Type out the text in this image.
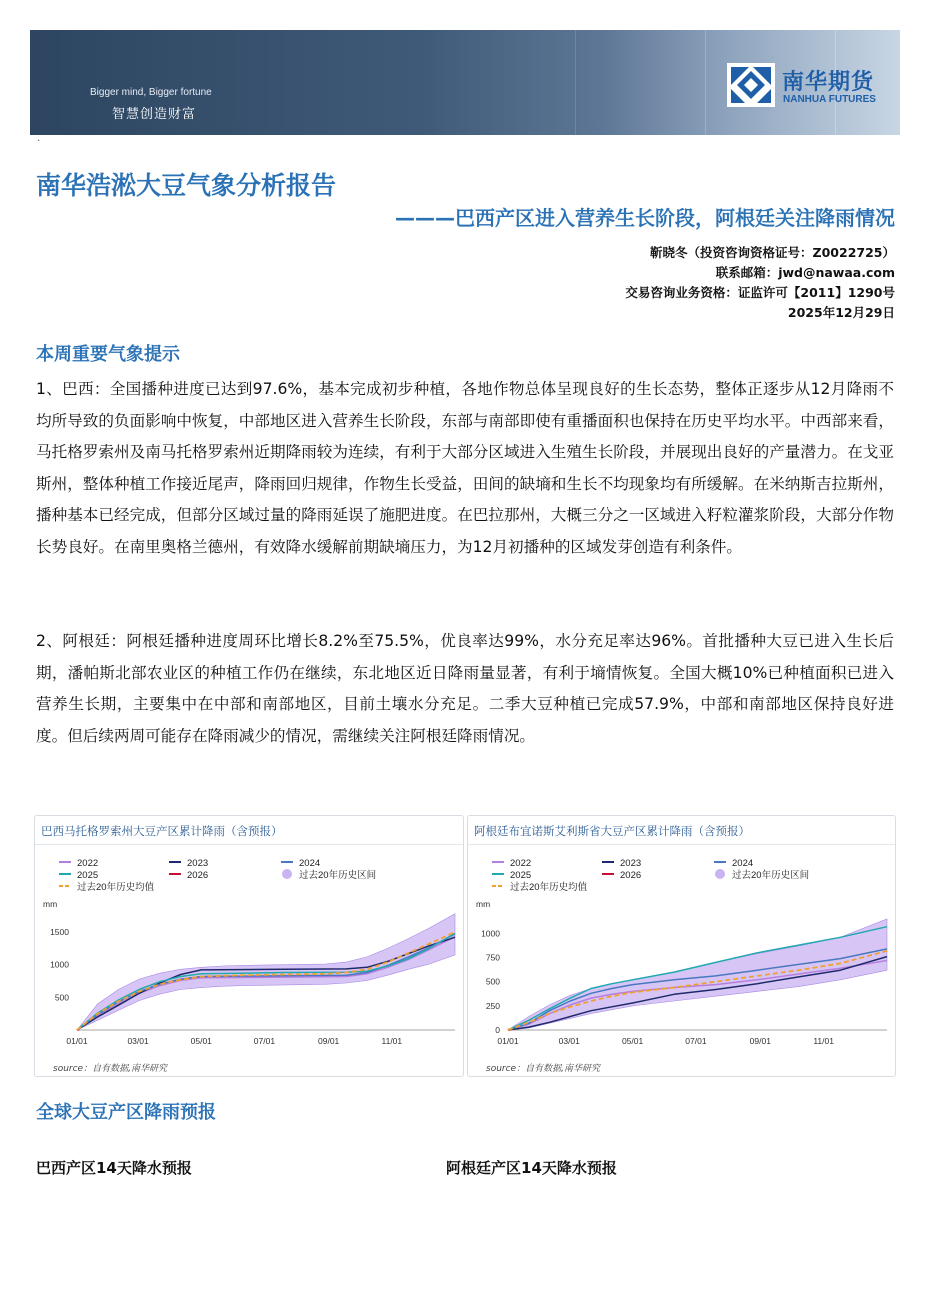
Bigger mind, Bigger fortune
智慧创造财富
南华期货
NANHUA FUTURES
·
南华浩淞大豆气象分析报告
———巴西产区进入营养生长阶段，阿根廷关注降雨情况
靳晓冬（投资咨询资格证号：Z0022725）
联系邮箱：jwd@nawaa.com
交易咨询业务资格：证监许可【2011】1290号
2025年12月29日
本周重要气象提示
1、巴西：全国播种进度已达到97.6%，基本完成初步种植，各地作物总体呈现良好的生长态势，整体正逐步从12月降雨不均所导致的负面影响中恢复，中部地区进入营养生长阶段，东部与南部即使有重播面积也保持在历史平均水平。中西部来看，马托格罗索州及南马托格罗索州近期降雨较为连续，有利于大部分区域进入生殖生长阶段，并展现出良好的产量潜力。在戈亚斯州，整体种植工作接近尾声，降雨回归规律，作物生长受益，田间的缺墒和生长不均现象均有所缓解。在米纳斯吉拉斯州，播种基本已经完成，但部分区域过量的降雨延误了施肥进度。在巴拉那州，大概三分之一区域进入籽粒灌浆阶段，大部分作物长势良好。在南里奥格兰德州，有效降水缓解前期缺墒压力，为12月初播种的区域发芽创造有利条件。
2、阿根廷：阿根廷播种进度周环比增长8.2%至75.5%，优良率达99%，水分充足率达96%。首批播种大豆已进入生长后期，潘帕斯北部农业区的种植工作仍在继续，东北地区近日降雨量显著，有利于墒情恢复。全国大概10%已种植面积已进入营养生长期，主要集中在中部和南部地区，目前土壤水分充足。二季大豆种植已完成57.9%，中部和南部地区保持良好进度。但后续两周可能存在降雨减少的情况，需继续关注阿根廷降雨情况。
巴西马托格罗索州大豆产区累计降雨（含预报）
2022	2023	2024
2025	2026	过去20年历史区间
过去20年历史均值
mm
500
1000
1500
01/01	03/01	05/01	07/01	09/01	11/01
source：自有数据,南华研究
阿根廷布宜诺斯艾利斯省大豆产区累计降雨（含预报）
2022	2023	2024
2025	2026	过去20年历史区间
过去20年历史均值
mm
0
250
500
750
1000
01/01	03/01	05/01	07/01	09/01	11/01
source：自有数据,南华研究
全球大豆产区降雨预报
巴西产区14天降水预报	阿根廷产区14天降水预报
